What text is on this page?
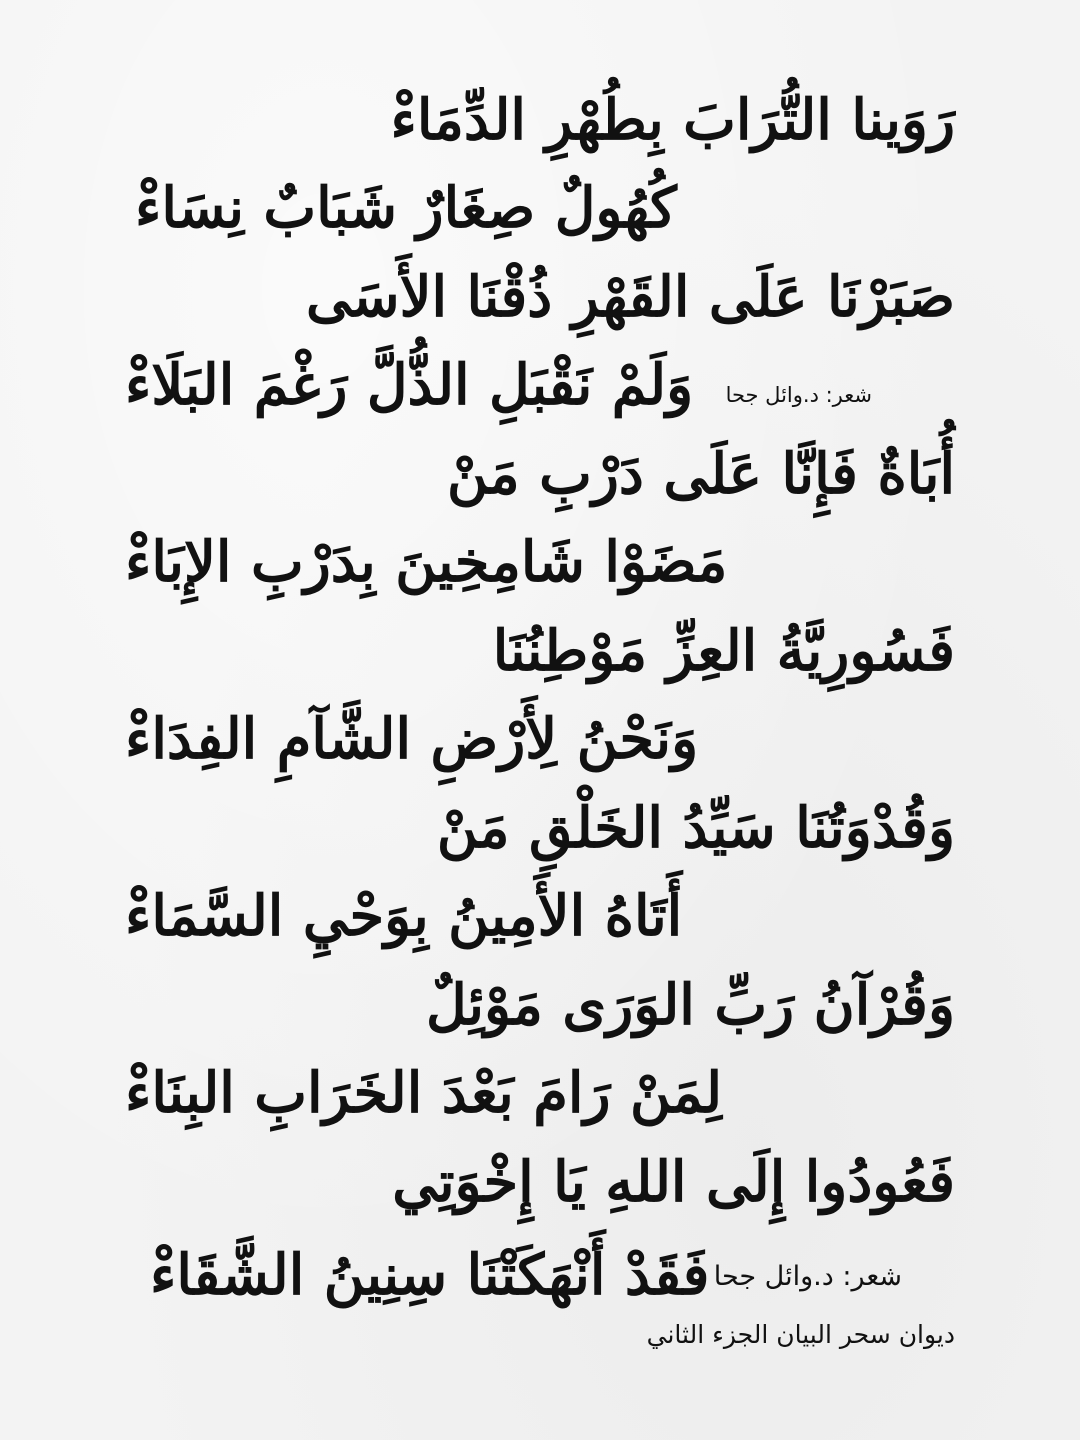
رَوَينا التُّرَابَ بِطُهْرِ الدِّمَاءْ
كُهُولٌ صِغَارٌ شَبَابٌ نِسَاءْ
صَبَرْنَا عَلَى القَهْرِ ذُقْنَا الأَسَى
وَلَمْ نَقْبَلِ الذُّلَّ رَغْمَ البَلَاءْ
أُبَاةٌ فَإِنَّا عَلَى دَرْبِ مَنْ
مَضَوْا شَامِخِينَ بِدَرْبِ الإِبَاءْ
فَسُورِيَّةُ العِزِّ مَوْطِنُنَا
وَنَحْنُ لِأَرْضِ الشَّآمِ الفِدَاءْ
وَقُدْوَتُنَا سَيِّدُ الخَلْقِ مَنْ
أَتَاهُ الأَمِينُ بِوَحْيِ السَّمَاءْ
وَقُرْآنُ رَبِّ الوَرَى مَوْئِلٌ
لِمَنْ رَامَ بَعْدَ الخَرَابِ البِنَاءْ
فَعُودُوا إِلَى اللهِ يَا إِخْوَتِي
فَقَدْ أَنْهَكَتْنَا سِنِينُ الشَّقَاءْ
شعر: د.وائل جحا
شعر: د.وائل جحا
ديوان سحر البيان الجزء الثاني
